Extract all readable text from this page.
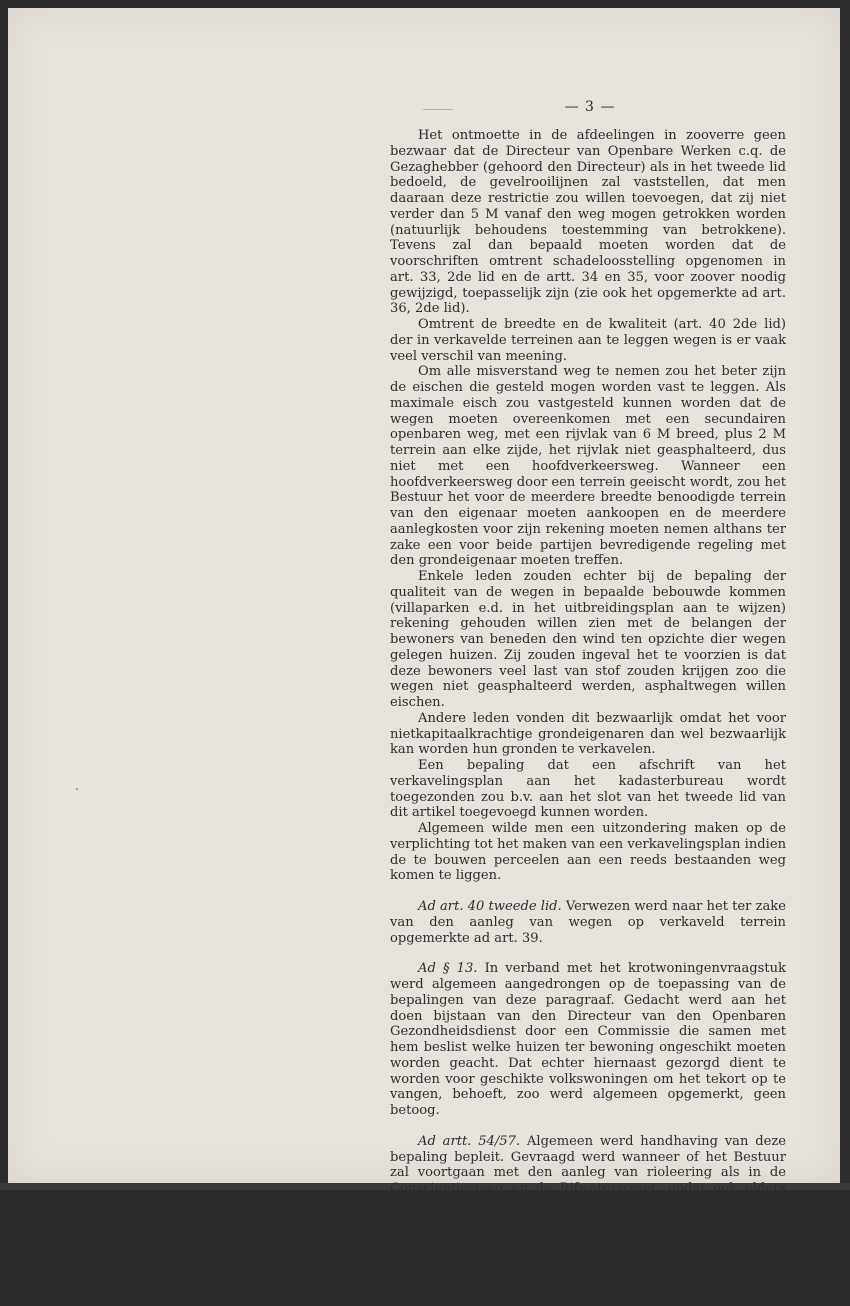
— 3 —

Het ontmoette in de afdeelingen in zooverre geen bezwaar dat de Directeur van Openbare Werken c.q. de Gezaghebber (gehoord den Directeur) als in het tweede lid bedoeld, de gevelrooilijnen zal vaststellen, dat men daaraan deze restrictie zou willen toevoegen, dat zij niet verder dan 5 M vanaf den weg mogen getrokken worden (natuurlijk behoudens toestemming van betrokkene). Tevens zal dan bepaald moeten worden dat de voorschriften omtrent schadeloosstelling opgenomen in art. 33, 2de lid en de artt. 34 en 35, voor zoover noodig gewijzigd, toepasselijk zijn (zie ook het opgemerkte ad art. 36, 2de lid).

Omtrent de breedte en de kwaliteit (art. 40 2de lid) der in verkavelde terreinen aan te leggen wegen is er vaak veel verschil van meening.

Om alle misverstand weg te nemen zou het beter zijn de eischen die gesteld mogen worden vast te leggen. Als maximale eisch zou vastgesteld kunnen worden dat de wegen moeten overeenkomen met een secundairen openbaren weg, met een rijvlak van 6 M breed, plus 2 M terrein aan elke zijde, het rijvlak niet geasphalteerd, dus niet met een hoofdverkeersweg. Wanneer een hoofdverkeersweg door een terrein geeischt wordt, zou het Bestuur het voor de meerdere breedte benoodigde terrein van den eigenaar moeten aankoopen en de meerdere aanlegkosten voor zijn rekening moeten nemen althans ter zake een voor beide partijen bevredigende regeling met den grondeigenaar moeten treffen.

Enkele leden zouden echter bij de bepaling der qualiteit van de wegen in bepaalde bebouwde kommen (villaparken e.d. in het uitbreidingsplan aan te wijzen) rekening gehouden willen zien met de belangen der bewoners van beneden den wind ten opzichte dier wegen gelegen huizen. Zij zouden ingeval het te voorzien is dat deze bewoners veel last van stof zouden krijgen zoo die wegen niet geasphalteerd werden, asphaltwegen willen eischen.

Andere leden vonden dit bezwaarlijk omdat het voor nietkapitaalkrachtige grondeigenaren dan wel bezwaarlijk kan worden hun gronden te verkavelen.

Een bepaling dat een afschrift van het verkavelingsplan aan het kadasterbureau wordt toegezonden zou b.v. aan het slot van het tweede lid van dit artikel toegevoegd kunnen worden.

Algemeen wilde men een uitzondering maken op de verplichting tot het maken van een verkavelingsplan indien de te bouwen perceelen aan een reeds bestaanden weg komen te liggen.

Ad art. 40 tweede lid. Verwezen werd naar het ter zake van den aanleg van wegen op verkaveld terrein opgemerkte ad art. 39.

Ad § 13. In verband met het krotwoningenvraagstuk werd algemeen aangedrongen op de toepassing van de bepalingen van deze paragraaf. Gedacht werd aan het doen bijstaan van den Directeur van den Openbaren Gezondheidsdienst door een Commissie die samen met hem beslist welke huizen ter bewoning ongeschikt moeten worden geacht. Dat echter hiernaast gezorgd dient te worden voor geschikte volkswoningen om het tekort op te vangen, behoeft, zoo werd algemeen opgemerkt, geen betoog.

Ad artt. 54/57. Algemeen werd handhaving van deze bepaling bepleit. Gevraagd werd wanneer of het Bestuur zal voortgaan met den aanleg van rioleering als in de Conscientiesteeg en de Rifwaterstraat, opdat ook elders art. 57 zal kunnen worden toegepast.

Ad § 15. Hooger beroep. Men gaf in de afdeelingen algemeen de voorkeur aan een commissie bestaande uit onafhankelijke personen uit de burgerij als beroepsinstantie van de beslissingen van den Directeur van Openbare Werken c.q. Gezag-
